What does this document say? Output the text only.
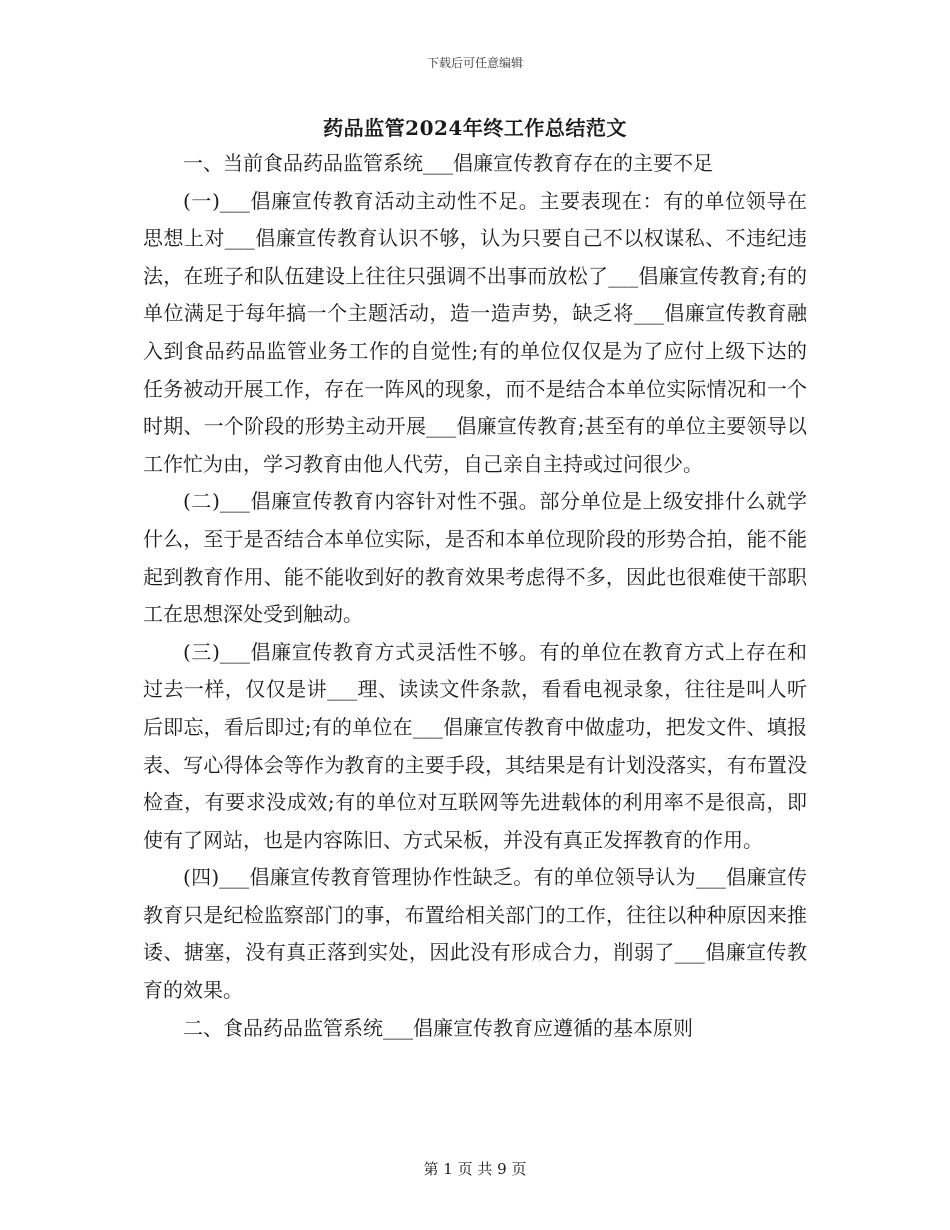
下载后可任意编辑
药品监管2024年终工作总结范文

一、当前食品药品监管系统___倡廉宣传教育存在的主要不足

(一)___倡廉宣传教育活动主动性不足。主要表现在：有的单位领导在思想上对___倡廉宣传教育认识不够，认为只要自己不以权谋私、不违纪违法，在班子和队伍建设上往往只强调不出事而放松了___倡廉宣传教育;有的单位满足于每年搞一个主题活动，造一造声势，缺乏将___倡廉宣传教育融入到食品药品监管业务工作的自觉性;有的单位仅仅是为了应付上级下达的任务被动开展工作，存在一阵风的现象，而不是结合本单位实际情况和一个时期、一个阶段的形势主动开展___倡廉宣传教育;甚至有的单位主要领导以工作忙为由，学习教育由他人代劳，自己亲自主持或过问很少。

(二)___倡廉宣传教育内容针对性不强。部分单位是上级安排什么就学什么，至于是否结合本单位实际，是否和本单位现阶段的形势合拍，能不能起到教育作用、能不能收到好的教育效果考虑得不多，因此也很难使干部职工在思想深处受到触动。

(三)___倡廉宣传教育方式灵活性不够。有的单位在教育方式上存在和过去一样，仅仅是讲___理、读读文件条款，看看电视录象，往往是叫人听后即忘，看后即过;有的单位在___倡廉宣传教育中做虚功，把发文件、填报表、写心得体会等作为教育的主要手段，其结果是有计划没落实，有布置没检查，有要求没成效;有的单位对互联网等先进载体的利用率不是很高，即使有了网站，也是内容陈旧、方式呆板，并没有真正发挥教育的作用。

(四)___倡廉宣传教育管理协作性缺乏。有的单位领导认为___倡廉宣传教育只是纪检监察部门的事，布置给相关部门的工作，往往以种种原因来推诿、搪塞，没有真正落到实处，因此没有形成合力，削弱了___倡廉宣传教育的效果。

二、食品药品监管系统___倡廉宣传教育应遵循的基本原则

第 1 页 共 9 页
